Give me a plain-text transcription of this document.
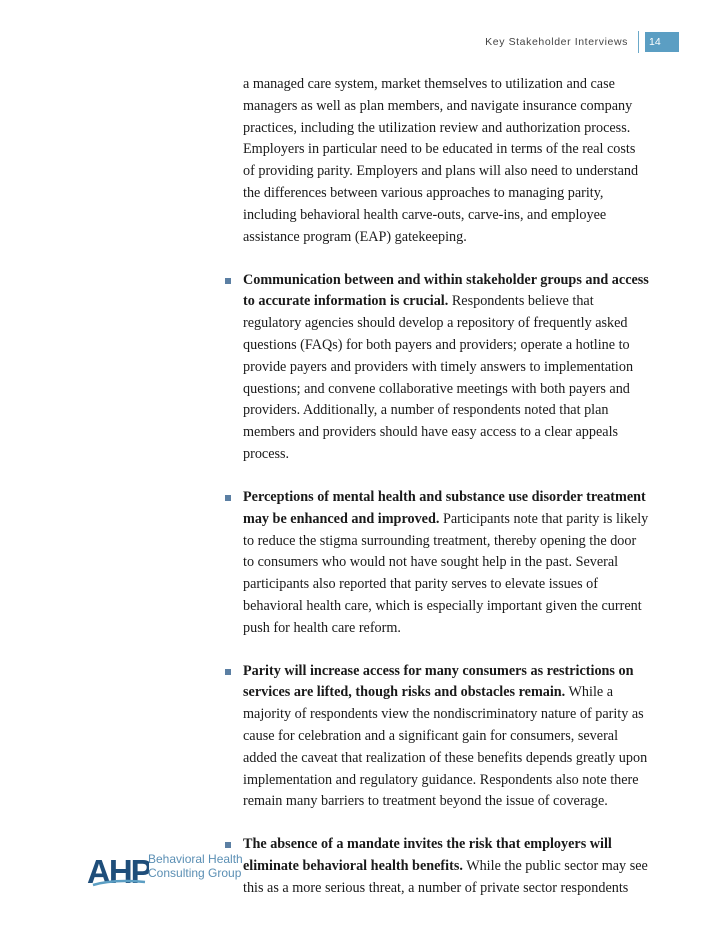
Key Stakeholder Interviews	14

a managed care system, market themselves to utilization and case managers as well as plan members, and navigate insurance company practices, including the utilization review and authorization process. Employers in particular need to be educated in terms of the real costs of providing parity. Employers and plans will also need to understand the differences between various approaches to managing parity, including behavioral health carve-outs, carve-ins, and employee assistance program (EAP) gatekeeping.

Communication between and within stakeholder groups and access to accurate information is crucial. Respondents believe that regulatory agencies should develop a repository of frequently asked questions (FAQs) for both payers and providers; operate a hotline to provide payers and providers with timely answers to implementation questions; and convene collaborative meetings with both payers and providers. Additionally, a number of respondents noted that plan members and providers should have easy access to a clear appeals process.

Perceptions of mental health and substance use disorder treatment may be enhanced and improved. Participants note that parity is likely to reduce the stigma surrounding treatment, thereby opening the door to consumers who would not have sought help in the past. Several participants also reported that parity serves to elevate issues of behavioral health care, which is especially important given the current push for health care reform.

Parity will increase access for many consumers as restrictions on services are lifted, though risks and obstacles remain. While a majority of respondents view the nondiscriminatory nature of parity as cause for celebration and a significant gain for consumers, several added the caveat that realization of these benefits depends greatly upon implementation and regulatory guidance. Respondents also note there remain many barriers to treatment beyond the issue of coverage.

The absence of a mandate invites the risk that employers will eliminate behavioral health benefits. While the public sector may see this as a more serious threat, a number of private sector respondents

AHP
Behavioral Health
Consulting Group
